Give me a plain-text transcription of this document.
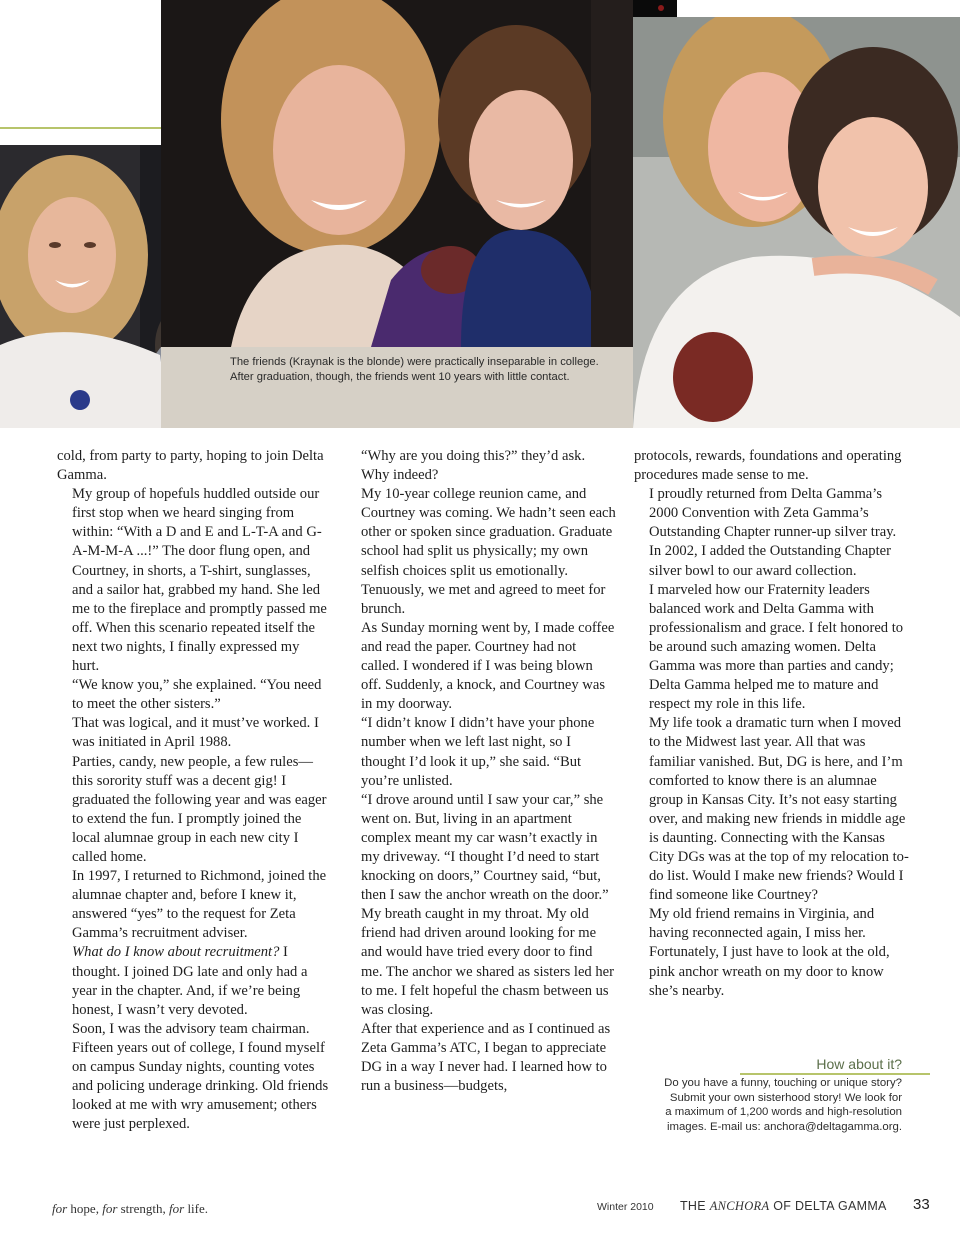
The friends (Kraynak is the blonde) were practically inseparable in college.
After graduation, though, the friends went 10 years with little contact.

cold, from party to party, hoping to join Delta Gamma.

My group of hopefuls huddled outside our first stop when we heard singing from within: “With a D and E and L-T-A and G-A-M-M-A ...!” The door flung open, and Courtney, in shorts, a T-shirt, sunglasses, and a sailor hat, grabbed my hand. She led me to the fireplace and promptly passed me off. When this scenario repeated itself the next two nights, I finally expressed my hurt.

“We know you,” she explained. “You need to meet the other sisters.”

That was logical, and it must’ve worked. I was initiated in April 1988.

Parties, candy, new people, a few rules—this sorority stuff was a decent gig! I graduated the following year and was eager to extend the fun. I promptly joined the local alumnae group in each new city I called home.

In 1997, I returned to Richmond, joined the alumnae chapter and, before I knew it, answered “yes” to the request for Zeta Gamma’s recruitment adviser.

What do I know about recruitment? I thought. I joined DG late and only had a year in the chapter. And, if we’re being honest, I wasn’t very devoted.

Soon, I was the advisory team chairman.

Fifteen years out of college, I found myself on campus Sunday nights, counting votes and policing underage drinking. Old friends looked at me with wry amusement; others were just perplexed.

“Why are you doing this?” they’d ask. Why indeed?

My 10-year college reunion came, and Courtney was coming. We hadn’t seen each other or spoken since graduation. Graduate school had split us physically; my own selfish choices split us emotionally. Tenuously, we met and agreed to meet for brunch.

As Sunday morning went by, I made coffee and read the paper. Courtney had not called. I wondered if I was being blown off. Suddenly, a knock, and Courtney was in my doorway.

“I didn’t know I didn’t have your phone number when we left last night, so I thought I’d look it up,” she said. “But you’re unlisted.

“I drove around until I saw your car,” she went on. But, living in an apartment complex meant my car wasn’t exactly in my driveway. “I thought I’d need to start knocking on doors,” Courtney said, “but, then I saw the anchor wreath on the door.”

My breath caught in my throat. My old friend had driven around looking for me and would have tried every door to find me. The anchor we shared as sisters led her to me. I felt hopeful the chasm between us was closing.

After that experience and as I continued as Zeta Gamma’s ATC, I began to appreciate DG in a way I never had. I learned how to run a business—budgets,

protocols, rewards, foundations and operating procedures made sense to me.

I proudly returned from Delta Gamma’s 2000 Convention with Zeta Gamma’s Outstanding Chapter runner-up silver tray. In 2002, I added the Outstanding Chapter silver bowl to our award collection.

I marveled how our Fraternity leaders balanced work and Delta Gamma with professionalism and grace. I felt honored to be around such amazing women. Delta Gamma was more than parties and candy; Delta Gamma helped me to mature and respect my role in this life.

My life took a dramatic turn when I moved to the Midwest last year. All that was familiar vanished. But, DG is here, and I’m comforted to know there is an alumnae group in Kansas City. It’s not easy starting over, and making new friends in middle age is daunting. Connecting with the Kansas City DGs was at the top of my relocation to-do list. Would I make new friends? Would I find someone like Courtney?

My old friend remains in Virginia, and having reconnected again, I miss her. Fortunately, I just have to look at the old, pink anchor wreath on my door to know she’s nearby.

How about it?
Do you have a funny, touching or unique story?
Submit your own sisterhood story! We look for
a maximum of 1,200 words and high-resolution
images. E-mail us: anchora@deltagamma.org.
for hope, for strength, for life.	Winter 2010 THE ANCHORA OF DELTA GAMMA 33
